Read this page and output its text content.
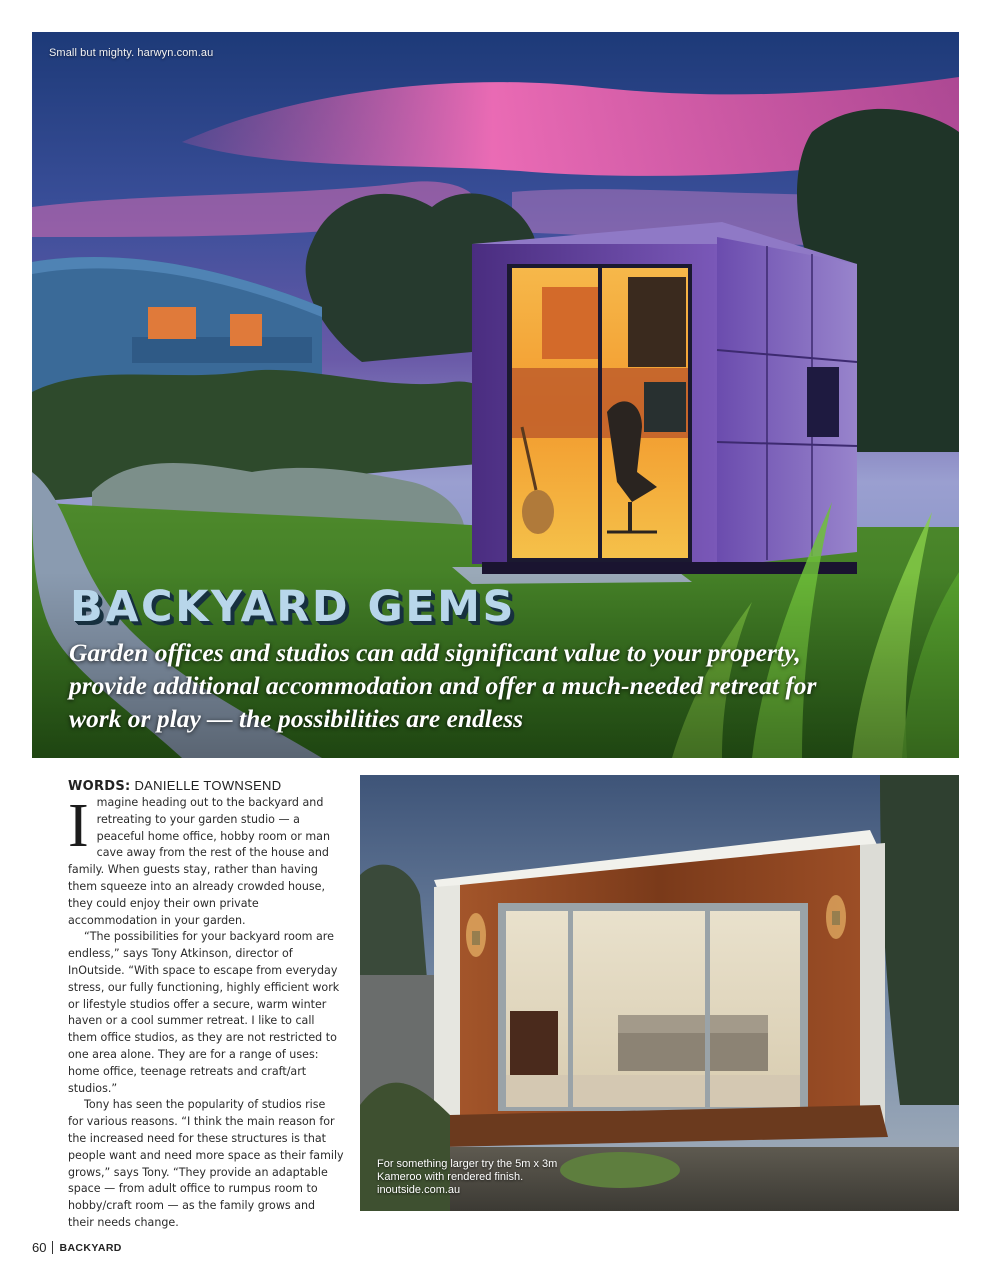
Small but mighty. harwyn.com.au
BACKYARD GEMS

Garden offices and studios can add significant value to your property, provide additional accommodation and offer a much-needed retreat for work or play — the possibilities are endless

WORDS: DANIELLE TOWNSEND

Imagine heading out to the backyard and retreating to your garden studio — a peaceful home office, hobby room or man cave away from the rest of the house and family. When guests stay, rather than having them squeeze into an already crowded house, they could enjoy their own private accommodation in your garden.

“The possibilities for your backyard room are endless,” says Tony Atkinson, director of InOutside. “With space to escape from everyday stress, our fully functioning, highly efficient work or lifestyle studios offer a secure, warm winter haven or a cool summer retreat. I like to call them office studios, as they are not restricted to one area alone. They are for a range of uses: home office, teenage retreats and craft/art studios.”

Tony has seen the popularity of studios rise for various reasons. “I think the main reason for the increased need for these structures is that people want and need more space as their family grows,” says Tony. “They provide an adaptable space — from adult office to rumpus room to hobby/craft room — as the family grows and their needs change.

For something larger try the 5m x 3m Kameroo with rendered finish. inoutside.com.au

60 BACKYARD
